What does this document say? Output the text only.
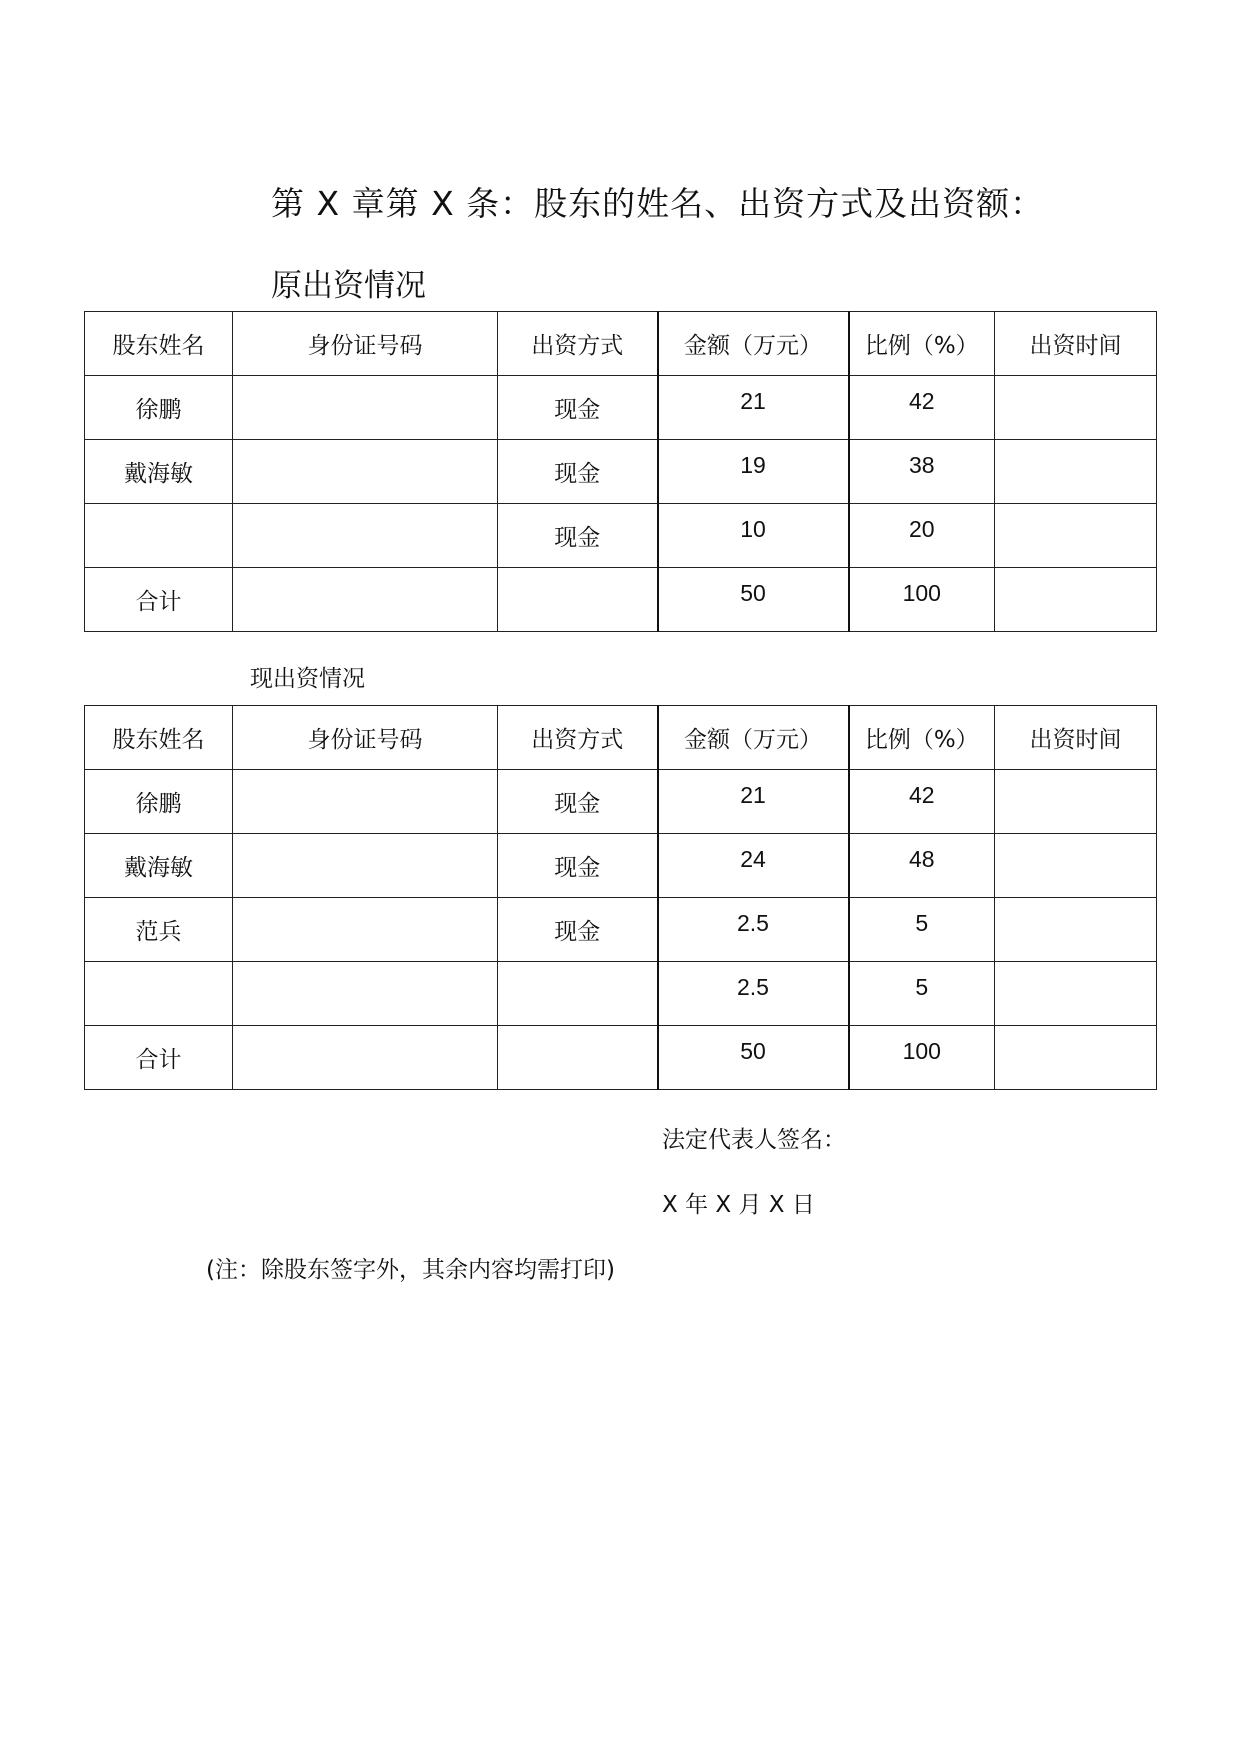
第 X 章第 X 条：股东的姓名、出资方式及出资额：
原出资情况
股东姓名	身份证号码	出资方式	金额（万元）	比例（%）	出资时间
徐鹏		现金	21	42	
戴海敏		现金	19	38	
		现金	10	20	
合计			50	100	
现出资情况
股东姓名	身份证号码	出资方式	金额（万元）	比例（%）	出资时间
徐鹏		现金	21	42	
戴海敏		现金	24	48	
范兵		现金	2.5	5	
			2.5	5	
合计			50	100	
法定代表人签名：
X 年 X 月 X 日
(注：除股东签字外，其余内容均需打印)
